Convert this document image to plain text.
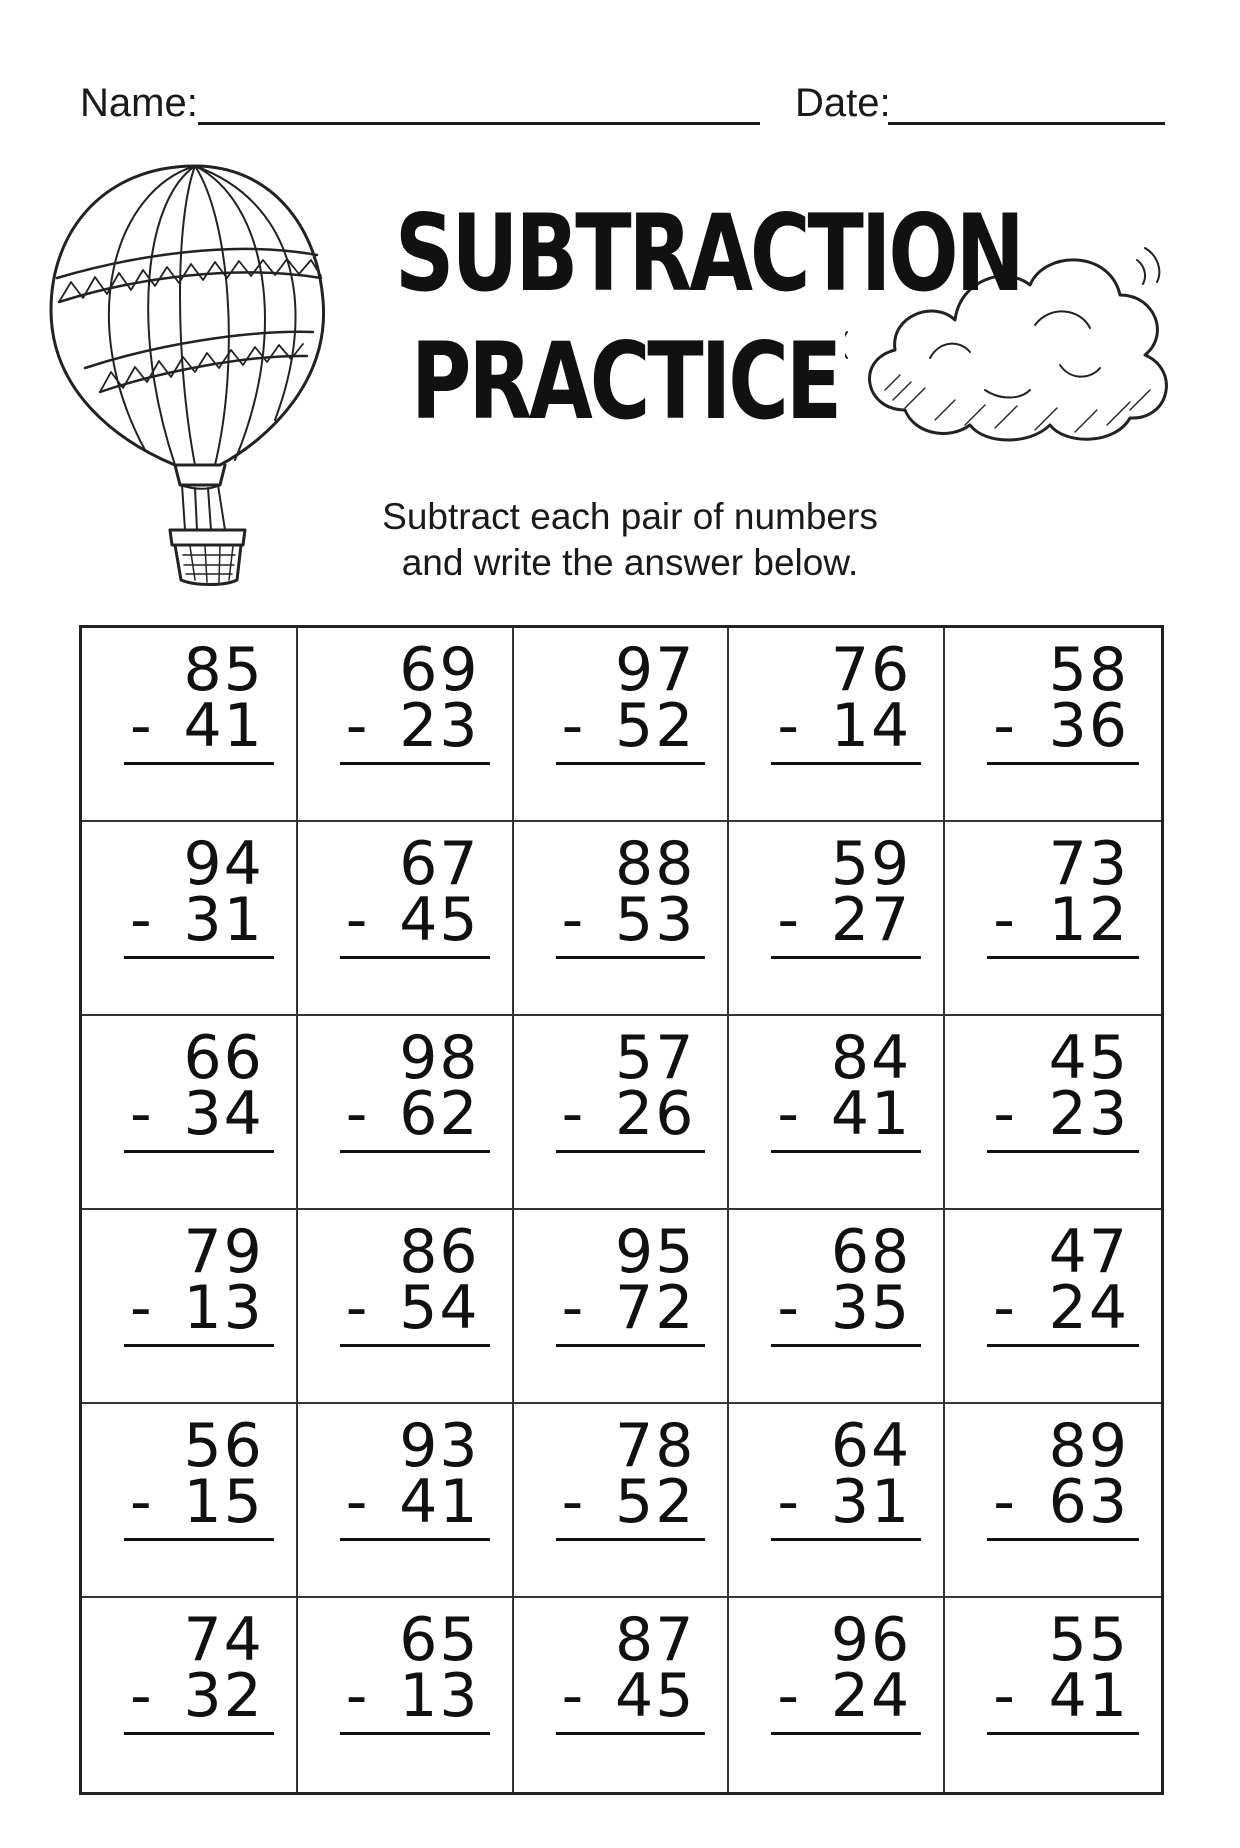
Name:	Date:
SUBTRACTION
PRACTICE

Subtract each pair of numbers
and write the answer below.

85
- 41
69
- 23
97
- 52
76
- 14
58
- 36
94
- 31
67
- 45
88
- 53
59
- 27
73
- 12
66
- 34
98
- 62
57
- 26
84
- 41
45
- 23
79
- 13
86
- 54
95
- 72
68
- 35
47
- 24
56
- 15
93
- 41
78
- 52
64
- 31
89
- 63
74
- 32
65
- 13
87
- 45
96
- 24
55
- 41
